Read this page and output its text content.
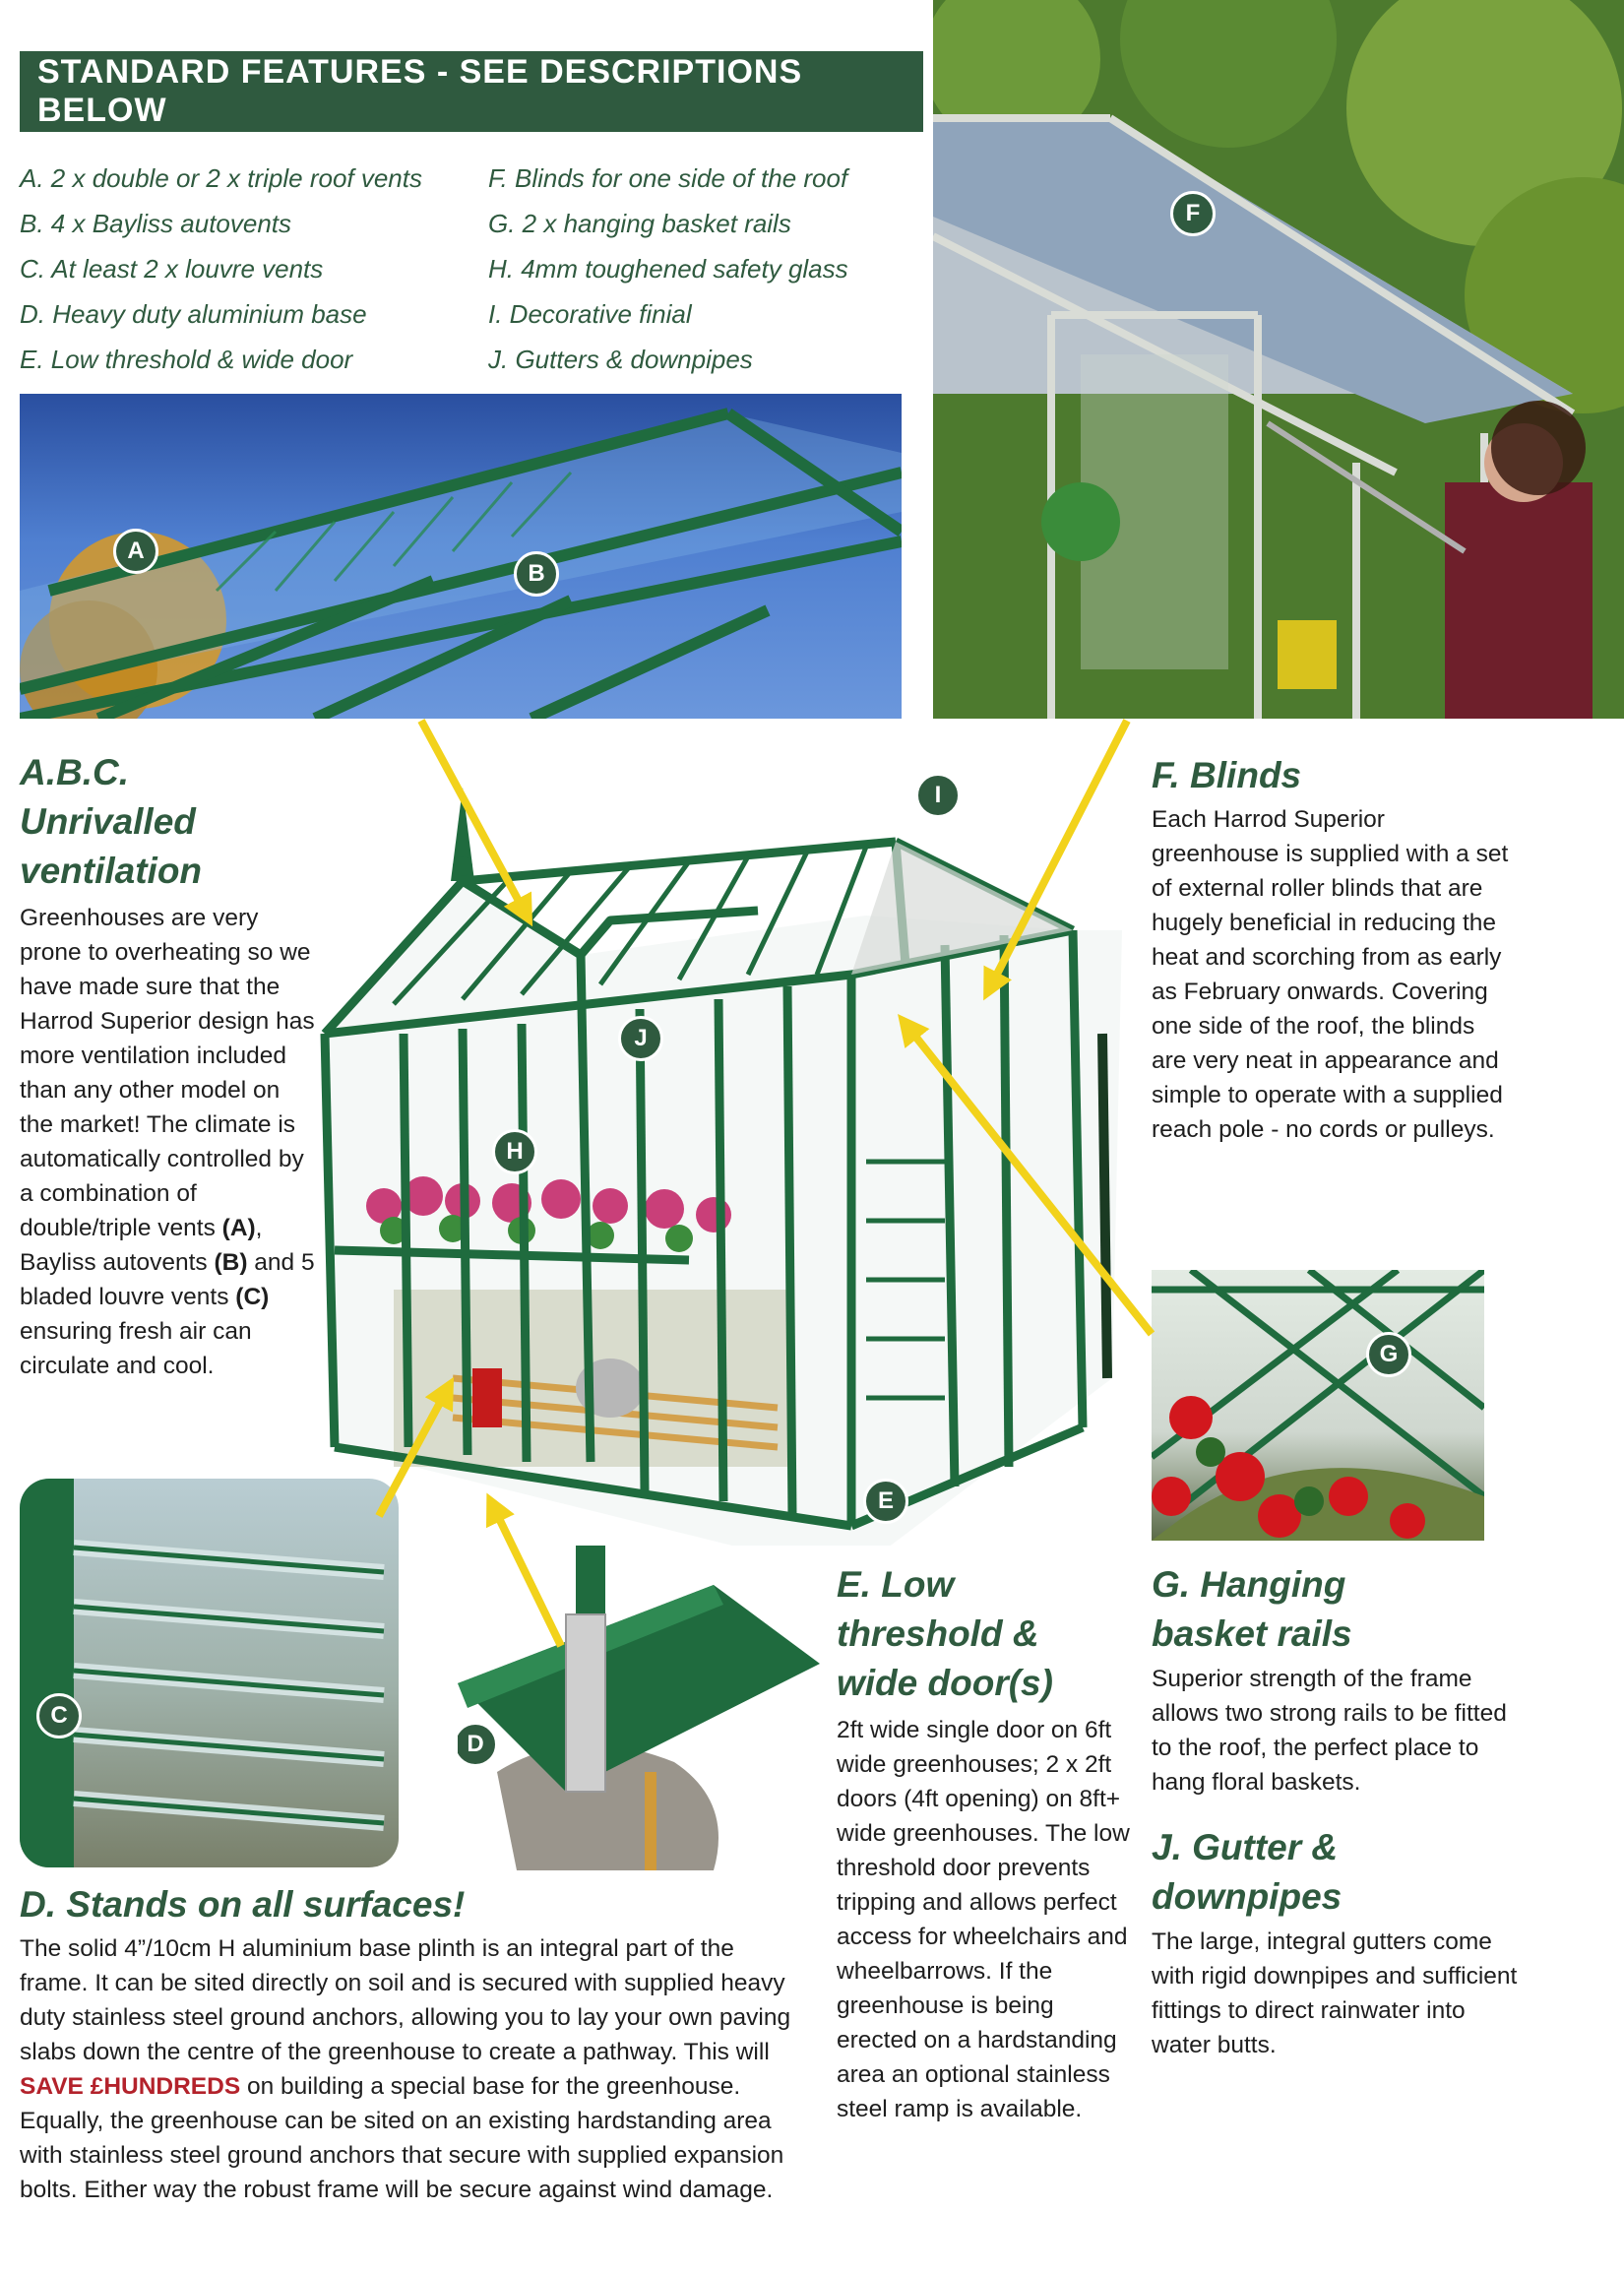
STANDARD FEATURES - SEE DESCRIPTIONS BELOW
A. 2 x double or 2 x triple roof vents
B. 4 x Bayliss autovents
C. At least 2 x louvre vents
D. Heavy duty aluminium base
E. Low threshold & wide door
F. Blinds for one side of the roof
G. 2 x hanging basket rails
H. 4mm toughened safety glass
I. Decorative finial
J. Gutters & downpipes
A
B
F
A.B.C.
Unrivalled
ventilation
Greenhouses are very prone to overheating so we have made sure that the Harrod Superior design has more ventilation included than any other model on the market! The climate is automatically controlled by a combination of double/triple vents (A), Bayliss autovents (B) and 5 bladed louvre vents (C) ensuring fresh air can circulate and cool.
I
J
H
E
F. Blinds
Each Harrod Superior greenhouse is supplied with a set of external roller blinds that are hugely beneficial in reducing the heat and scorching from as early as February onwards. Covering one side of the roof, the blinds are very neat in appearance and simple to operate with a supplied reach pole - no cords or pulleys.
G
C
D
E. Low
threshold &
wide door(s)
2ft wide single door on 6ft wide greenhouses; 2 x 2ft doors (4ft opening) on 8ft+ wide greenhouses. The low threshold door prevents tripping and allows perfect access for wheelchairs and wheelbarrows. If the greenhouse is being erected on a hardstanding area an optional stainless steel ramp is available.
G. Hanging
basket rails
Superior strength of the frame allows two strong rails to be fitted to the roof, the perfect place to hang floral baskets.
J. Gutter &
downpipes
The large, integral gutters come with rigid downpipes and sufficient fittings to direct rainwater into water butts.
D. Stands on all surfaces!
The solid 4”/10cm H aluminium base plinth is an integral part of the frame. It can be sited directly on soil and is secured with supplied heavy duty stainless steel ground anchors, allowing you to lay your own paving slabs down the centre of the greenhouse to create a pathway. This will SAVE £HUNDREDS on building a special base for the greenhouse. Equally, the greenhouse can be sited on an existing hardstanding area with stainless steel ground anchors that secure with supplied expansion bolts. Either way the robust frame will be secure against wind damage.
